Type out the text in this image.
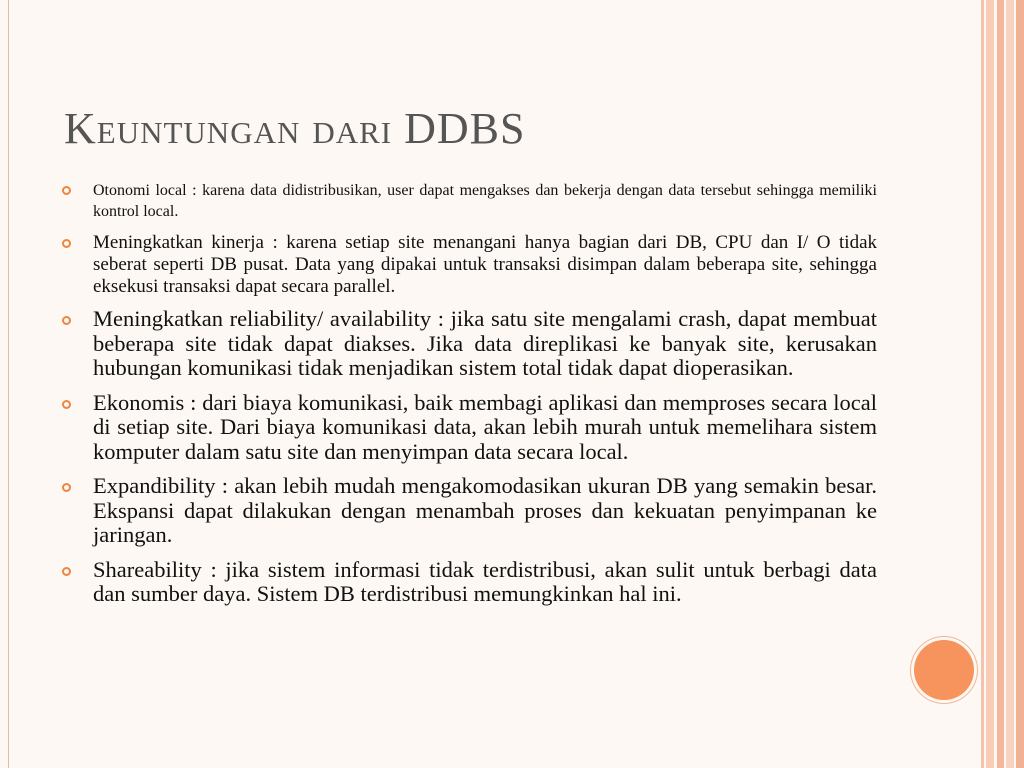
Keuntungan dari DDBS
Otonomi local : karena data didistribusikan, user dapat mengakses dan bekerja dengan data tersebut sehingga memiliki kontrol local.
Meningkatkan kinerja : karena setiap site menangani hanya bagian dari DB, CPU dan I/ O tidak seberat seperti DB pusat. Data yang dipakai untuk transaksi disimpan dalam beberapa site, sehingga eksekusi transaksi dapat secara parallel.
Meningkatkan reliability/ availability : jika satu site mengalami crash, dapat membuat beberapa site tidak dapat diakses. Jika data direplikasi ke banyak site, kerusakan hubungan komunikasi tidak menjadikan sistem total tidak dapat dioperasikan.
Ekonomis : dari biaya komunikasi, baik membagi aplikasi dan memproses secara local di setiap site. Dari biaya komunikasi data, akan lebih murah untuk memelihara sistem komputer dalam satu site dan menyimpan data secara local.
Expandibility : akan lebih mudah mengakomodasikan ukuran DB yang semakin besar. Ekspansi dapat dilakukan dengan menambah proses dan kekuatan penyimpanan ke jaringan.
Shareability : jika sistem informasi tidak terdistribusi, akan sulit untuk berbagi data dan sumber daya. Sistem DB terdistribusi memungkinkan hal ini.
